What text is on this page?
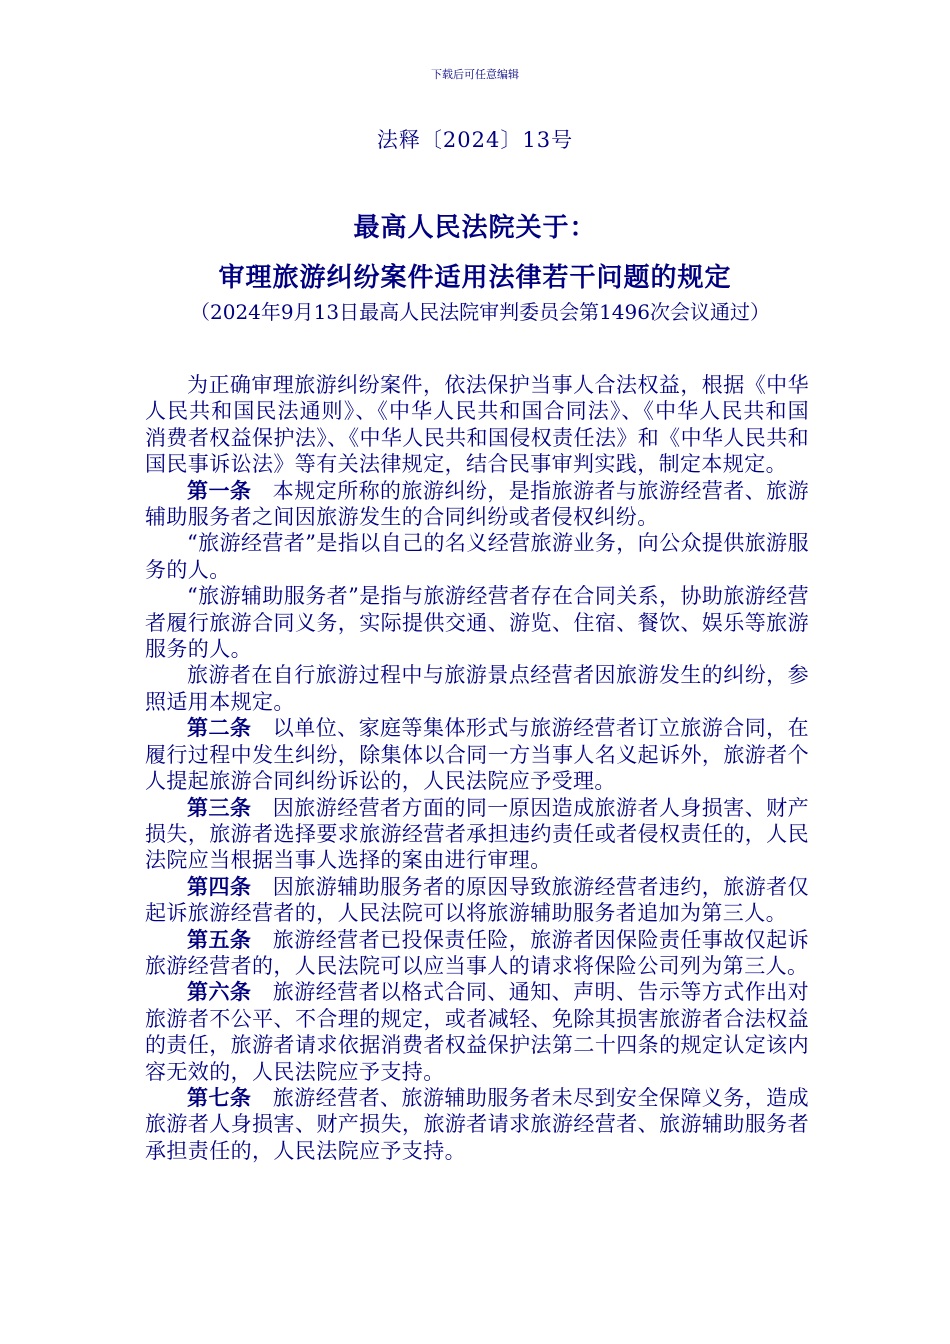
下载后可任意编辑
法释〔2024〕13号
最高人民法院关于：
审理旅游纠纷案件适用法律若干问题的规定
（2024年9月13日最高人民法院审判委员会第1496次会议通过）

为正确审理旅游纠纷案件，依法保护当事人合法权益，根据《中华人民共和国民法通则》、《中华人民共和国合同法》、《中华人民共和国消费者权益保护法》、《中华人民共和国侵权责任法》和《中华人民共和国民事诉讼法》等有关法律规定，结合民事审判实践，制定本规定。

第一条　本规定所称的旅游纠纷，是指旅游者与旅游经营者、旅游辅助服务者之间因旅游发生的合同纠纷或者侵权纠纷。

“旅游经营者”是指以自己的名义经营旅游业务，向公众提供旅游服务的人。

“旅游辅助服务者”是指与旅游经营者存在合同关系，协助旅游经营者履行旅游合同义务，实际提供交通、游览、住宿、餐饮、娱乐等旅游服务的人。

旅游者在自行旅游过程中与旅游景点经营者因旅游发生的纠纷，参照适用本规定。

第二条　以单位、家庭等集体形式与旅游经营者订立旅游合同，在履行过程中发生纠纷，除集体以合同一方当事人名义起诉外，旅游者个人提起旅游合同纠纷诉讼的，人民法院应予受理。

第三条　因旅游经营者方面的同一原因造成旅游者人身损害、财产损失，旅游者选择要求旅游经营者承担违约责任或者侵权责任的，人民法院应当根据当事人选择的案由进行审理。

第四条　因旅游辅助服务者的原因导致旅游经营者违约，旅游者仅起诉旅游经营者的，人民法院可以将旅游辅助服务者追加为第三人。

第五条　旅游经营者已投保责任险，旅游者因保险责任事故仅起诉旅游经营者的，人民法院可以应当事人的请求将保险公司列为第三人。

第六条　旅游经营者以格式合同、通知、声明、告示等方式作出对旅游者不公平、不合理的规定，或者减轻、免除其损害旅游者合法权益的责任，旅游者请求依据消费者权益保护法第二十四条的规定认定该内容无效的，人民法院应予支持。

第七条　旅游经营者、旅游辅助服务者未尽到安全保障义务，造成旅游者人身损害、财产损失，旅游者请求旅游经营者、旅游辅助服务者承担责任的，人民法院应予支持。
